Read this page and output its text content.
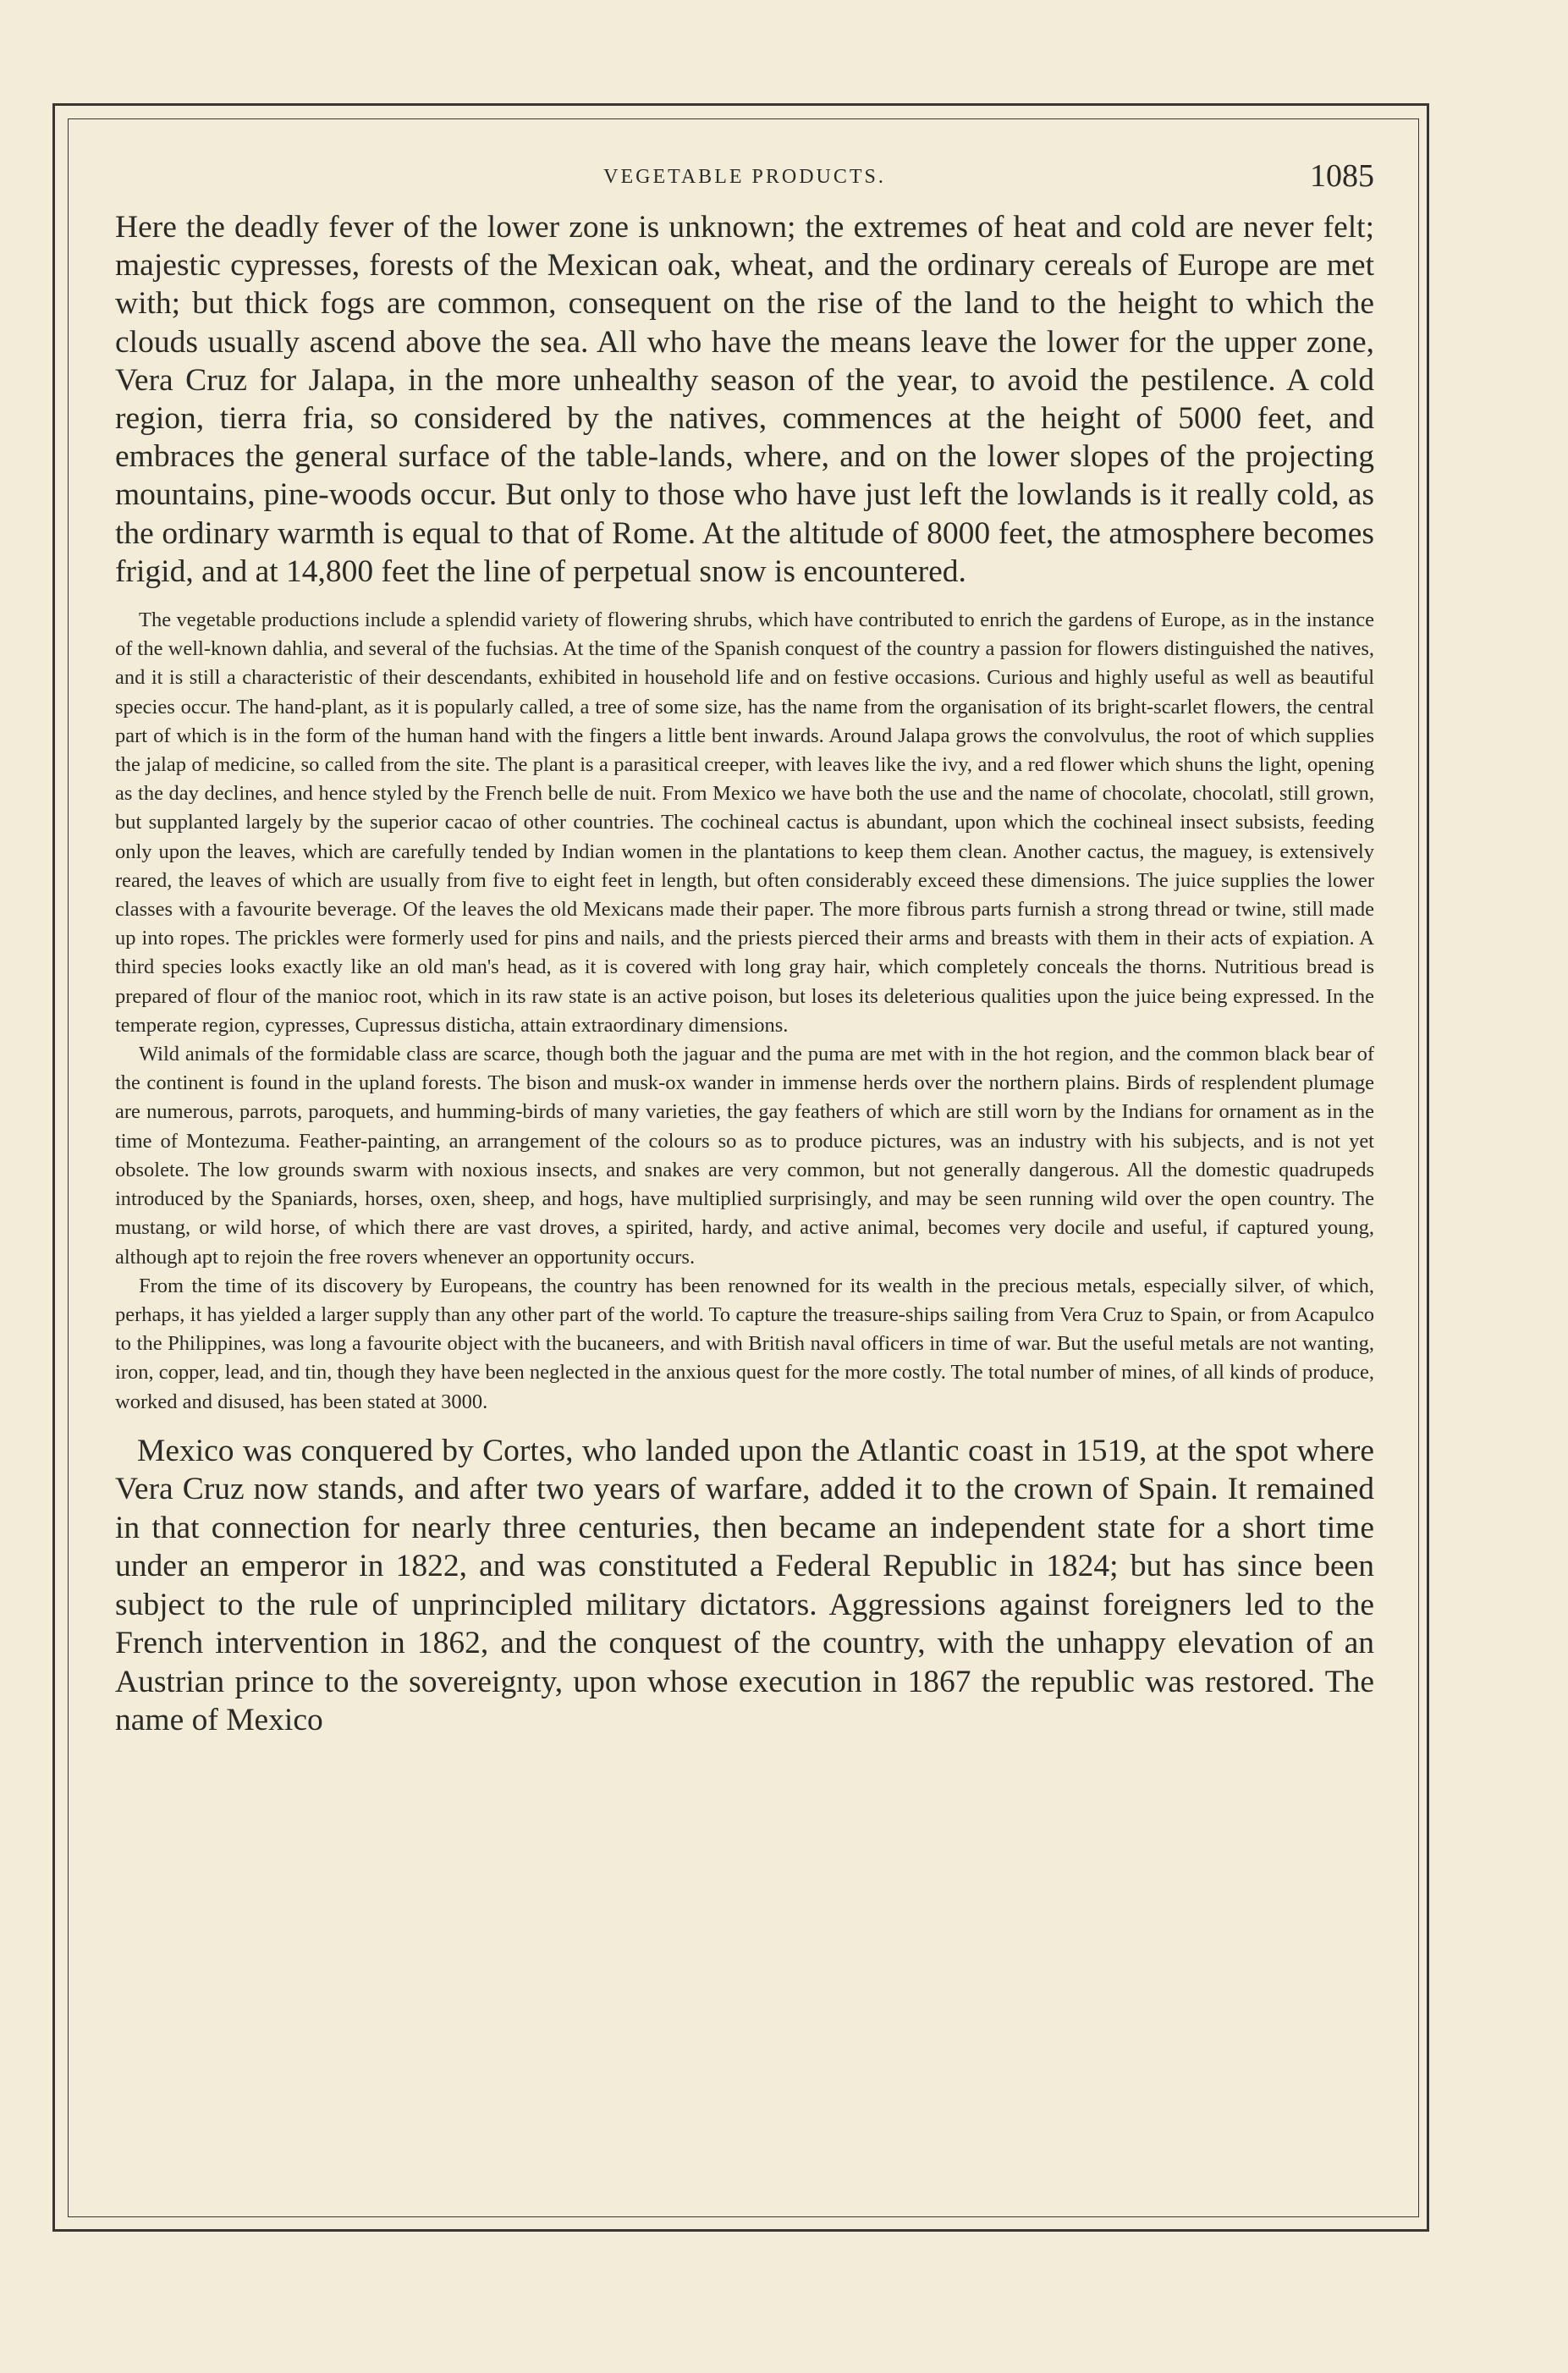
VEGETABLE PRODUCTS.	1085

Here the deadly fever of the lower zone is unknown; the extremes of heat and cold are never felt; majestic cypresses, forests of the Mexican oak, wheat, and the ordinary cereals of Europe are met with; but thick fogs are common, consequent on the rise of the land to the height to which the clouds usually ascend above the sea. All who have the means leave the lower for the upper zone, Vera Cruz for Jalapa, in the more unhealthy season of the year, to avoid the pestilence. A cold region, tierra fria, so considered by the natives, commences at the height of 5000 feet, and embraces the general surface of the table-lands, where, and on the lower slopes of the projecting mountains, pine-woods occur. But only to those who have just left the lowlands is it really cold, as the ordinary warmth is equal to that of Rome. At the altitude of 8000 feet, the atmosphere becomes frigid, and at 14,800 feet the line of perpetual snow is encountered.

The vegetable productions include a splendid variety of flowering shrubs, which have contributed to enrich the gardens of Europe, as in the instance of the well-known dahlia, and several of the fuchsias. At the time of the Spanish conquest of the country a passion for flowers distinguished the natives, and it is still a characteristic of their descendants, exhibited in household life and on festive occasions. Curious and highly useful as well as beautiful species occur. The hand-plant, as it is popularly called, a tree of some size, has the name from the organisation of its bright-scarlet flowers, the central part of which is in the form of the human hand with the fingers a little bent inwards. Around Jalapa grows the convolvulus, the root of which supplies the jalap of medicine, so called from the site. The plant is a parasitical creeper, with leaves like the ivy, and a red flower which shuns the light, opening as the day declines, and hence styled by the French belle de nuit. From Mexico we have both the use and the name of chocolate, chocolatl, still grown, but supplanted largely by the superior cacao of other countries. The cochineal cactus is abundant, upon which the cochineal insect subsists, feeding only upon the leaves, which are carefully tended by Indian women in the plantations to keep them clean. Another cactus, the maguey, is extensively reared, the leaves of which are usually from five to eight feet in length, but often considerably exceed these dimensions. The juice supplies the lower classes with a favourite beverage. Of the leaves the old Mexicans made their paper. The more fibrous parts furnish a strong thread or twine, still made up into ropes. The prickles were formerly used for pins and nails, and the priests pierced their arms and breasts with them in their acts of expiation. A third species looks exactly like an old man's head, as it is covered with long gray hair, which completely conceals the thorns. Nutritious bread is prepared of flour of the manioc root, which in its raw state is an active poison, but loses its deleterious qualities upon the juice being expressed. In the temperate region, cypresses, Cupressus disticha, attain extraordinary dimensions.

Wild animals of the formidable class are scarce, though both the jaguar and the puma are met with in the hot region, and the common black bear of the continent is found in the upland forests. The bison and musk-ox wander in immense herds over the northern plains. Birds of resplendent plumage are numerous, parrots, paroquets, and humming-birds of many varieties, the gay feathers of which are still worn by the Indians for ornament as in the time of Montezuma. Feather-painting, an arrangement of the colours so as to produce pictures, was an industry with his subjects, and is not yet obsolete. The low grounds swarm with noxious insects, and snakes are very common, but not generally dangerous. All the domestic quadrupeds introduced by the Spaniards, horses, oxen, sheep, and hogs, have multiplied surprisingly, and may be seen running wild over the open country. The mustang, or wild horse, of which there are vast droves, a spirited, hardy, and active animal, becomes very docile and useful, if captured young, although apt to rejoin the free rovers whenever an opportunity occurs.

From the time of its discovery by Europeans, the country has been renowned for its wealth in the precious metals, especially silver, of which, perhaps, it has yielded a larger supply than any other part of the world. To capture the treasure-ships sailing from Vera Cruz to Spain, or from Acapulco to the Philippines, was long a favourite object with the bucaneers, and with British naval officers in time of war. But the useful metals are not wanting, iron, copper, lead, and tin, though they have been neglected in the anxious quest for the more costly. The total number of mines, of all kinds of produce, worked and disused, has been stated at 3000.

Mexico was conquered by Cortes, who landed upon the Atlantic coast in 1519, at the spot where Vera Cruz now stands, and after two years of warfare, added it to the crown of Spain. It remained in that connection for nearly three centuries, then became an independent state for a short time under an emperor in 1822, and was constituted a Federal Republic in 1824; but has since been subject to the rule of unprincipled military dictators. Aggressions against foreigners led to the French intervention in 1862, and the conquest of the country, with the unhappy elevation of an Austrian prince to the sovereignty, upon whose execution in 1867 the republic was restored. The name of Mexico
